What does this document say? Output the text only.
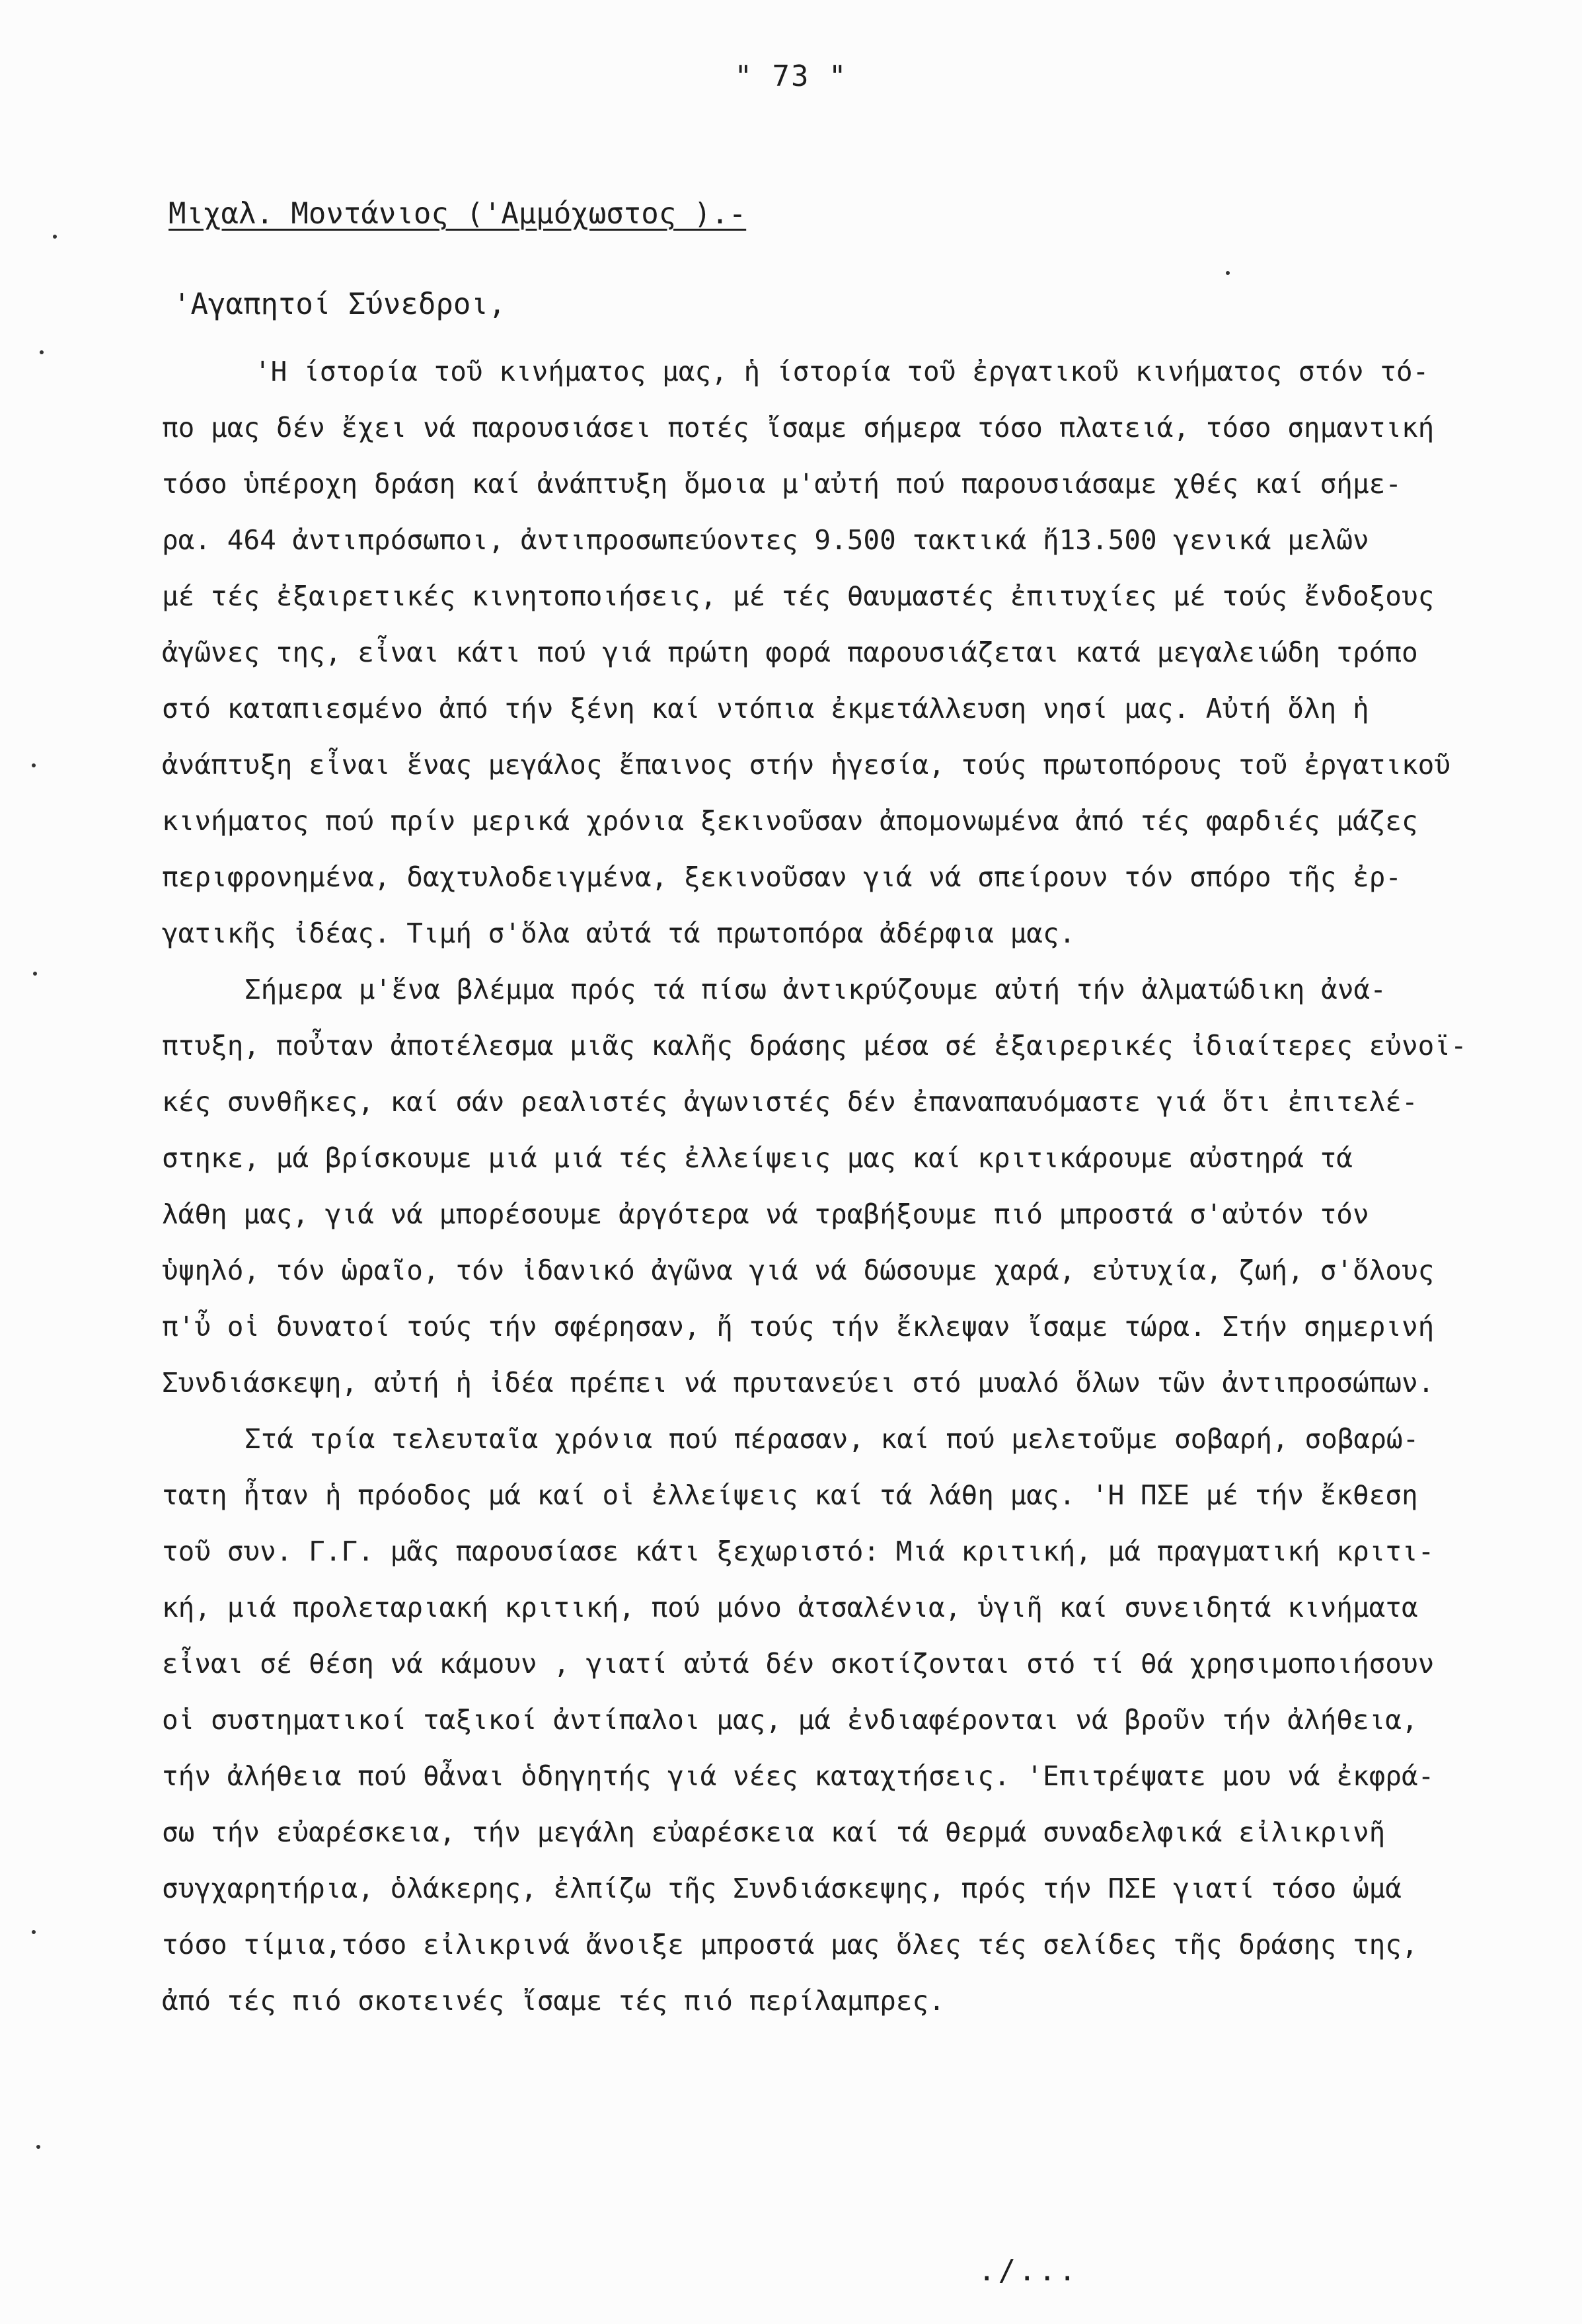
" 73 "
Μιχαλ. Μοντάνιος ('Αμμόχωστος ).-
'Αγαπητοί Σύνεδροι,
'Η ίστορία τοῦ κινήματος μας, ἡ ίστορία τοῦ ἐργατικοῦ κινήματος στόν τό-
πο μας δέν ἔχει νά παρουσιάσει ποτές ἴσαμε σήμερα τόσο πλατειά, τόσο σημαντική
τόσο ὑπέροχη δράση καί ἀνάπτυξη ὅμοια μ'αὐτή πού παρουσιάσαμε χθές καί σήμε-
ρα. 464 ἀντιπρόσωποι, ἀντιπροσωπεύοντες 9.500 τακτικά ἤ13.500 γενικά μελῶν
μέ τές ἐξαιρετικές κινητοποιήσεις, μέ τές θαυμαστές ἐπιτυχίες μέ τούς ἔνδοξους
ἀγῶνες της, εἶναι κάτι πού γιά πρώτη φορά παρουσιάζεται κατά μεγαλειώδη τρόπο
στό καταπιεσμένο ἀπό τήν ξένη καί ντόπια ἐκμετάλλευση νησί μας. Αὐτή ὅλη ἡ
ἀνάπτυξη εἶναι ἕνας μεγάλος ἔπαινος στήν ἡγεσία, τούς πρωτοπόρους τοῦ ἐργατικοῦ
κινήματος πού πρίν μερικά χρόνια ξεκινοῦσαν ἀπομονωμένα ἀπό τές φαρδιές μάζες
περιφρονημένα, δαχτυλοδειγμένα, ξεκινοῦσαν γιά νά σπείρουν τόν σπόρο τῆς ἐρ-
γατικῆς ἰδέας. Τιμή σ'ὅλα αὐτά τά πρωτοπόρα ἀδέρφια μας.
Σήμερα μ'ἕνα βλέμμα πρός τά πίσω ἀντικρύζουμε αὐτή τήν ἀλματώδικη ἀνά-
πτυξη, ποὖταν ἀποτέλεσμα μιᾶς καλῆς δράσης μέσα σέ ἐξαιρερικές ἰδιαίτερες εὐνοϊ-
κές συνθῆκες, καί σάν ρεαλιστές ἀγωνιστές δέν ἐπαναπαυόμαστε γιά ὅτι ἐπιτελέ-
στηκε, μά βρίσκουμε μιά μιά τές ἐλλείψεις μας καί κριτικάρουμε αὐστηρά τά
λάθη μας, γιά νά μπορέσουμε ἀργότερα νά τραβήξουμε πιό μπροστά σ'αὐτόν τόν
ὑψηλό, τόν ὡραῖο, τόν ἰδανικό ἀγῶνα γιά νά δώσουμε χαρά, εὐτυχία, ζωή, σ'ὅλους
π'ὖ οἱ δυνατοί τούς τήν σφέρησαν, ἤ τούς τήν ἔκλεψαν ἴσαμε τώρα. Στήν σημερινή
Συνδιάσκεψη, αὐτή ἡ ἰδέα πρέπει νά πρυτανεύει στό μυαλό ὅλων τῶν ἀντιπροσώπων.
Στά τρία τελευταῖα χρόνια πού πέρασαν, καί πού μελετοῦμε σοβαρή, σοβαρώ-
τατη ἦταν ἡ πρόοδος μά καί οἱ ἐλλείψεις καί τά λάθη μας. 'Η ΠΣΕ μέ τήν ἔκθεση
τοῦ συν. Γ.Γ. μᾶς παρουσίασε κάτι ξεχωριστό: Μιά κριτική, μά πραγματική κριτι-
κή, μιά προλεταριακή κριτική, πού μόνο ἀτσαλένια, ὑγιῆ καί συνειδητά κινήματα
εἶναι σέ θέση νά κάμουν , γιατί αὐτά δέν σκοτίζονται στό τί θά χρησιμοποιήσουν
οἱ συστηματικοί ταξικοί ἀντίπαλοι μας, μά ἐνδιαφέρονται νά βροῦν τήν ἀλήθεια,
τήν ἀλήθεια πού θἆναι ὁδηγητής γιά νέες καταχτήσεις. 'Επιτρέψατε μου νά ἐκφρά-
σω τήν εὐαρέσκεια, τήν μεγάλη εὐαρέσκεια καί τά θερμά συναδελφικά εἰλικρινῆ
συγχαρητήρια, ὁλάκερης, ἐλπίζω τῆς Συνδιάσκεψης, πρός τήν ΠΣΕ γιατί τόσο ὠμά
τόσο τίμια,τόσο εἰλικρινά ἄνοιξε μπροστά μας ὅλες τές σελίδες τῆς δράσης της,
ἀπό τές πιό σκοτεινές ἴσαμε τές πιό περίλαμπρες.
./...
